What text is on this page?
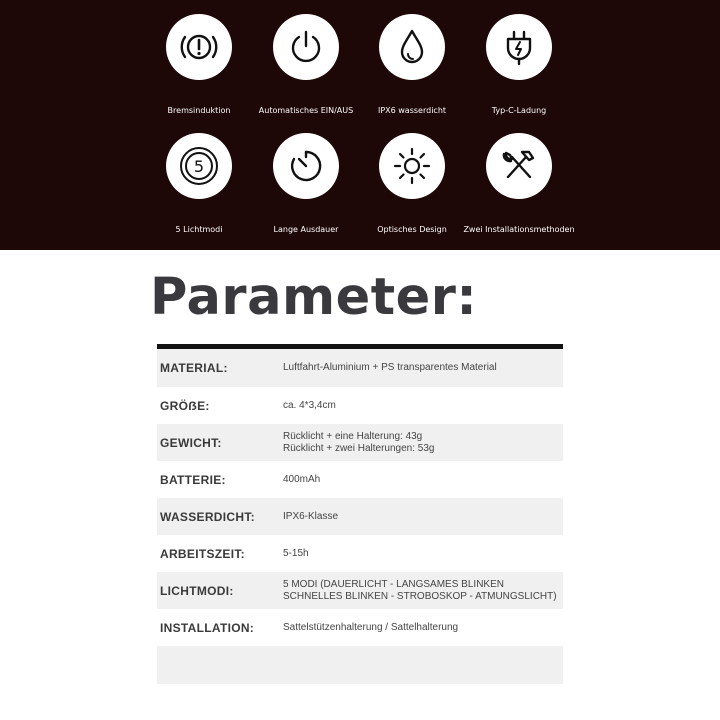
Bremsinduktion	Automatisches EIN/AUS	IPX6 wasserdicht	Typ-C-Ladung
5
5 Lichtmodi	Lange Ausdauer	Optisches Design	Zwei Installationsmethoden
Parameter:
MATERIAL:	Luftfahrt-Aluminium + PS transparentes Material
GRÖẞE:	ca. 4*3,4cm
GEWICHT:	Rücklicht + eine Halterung: 43g
Rücklicht + zwei Halterungen: 53g
BATTERIE:	400mAh
WASSERDICHT:	IPX6-Klasse
ARBEITSZEIT:	5-15h
LICHTMODI:	5 MODI (DAUERLICHT - LANGSAMES BLINKEN
SCHNELLES BLINKEN - STROBOSKOP - ATMUNGSLICHT)
INSTALLATION:	Sattelstützenhalterung / Sattelhalterung
